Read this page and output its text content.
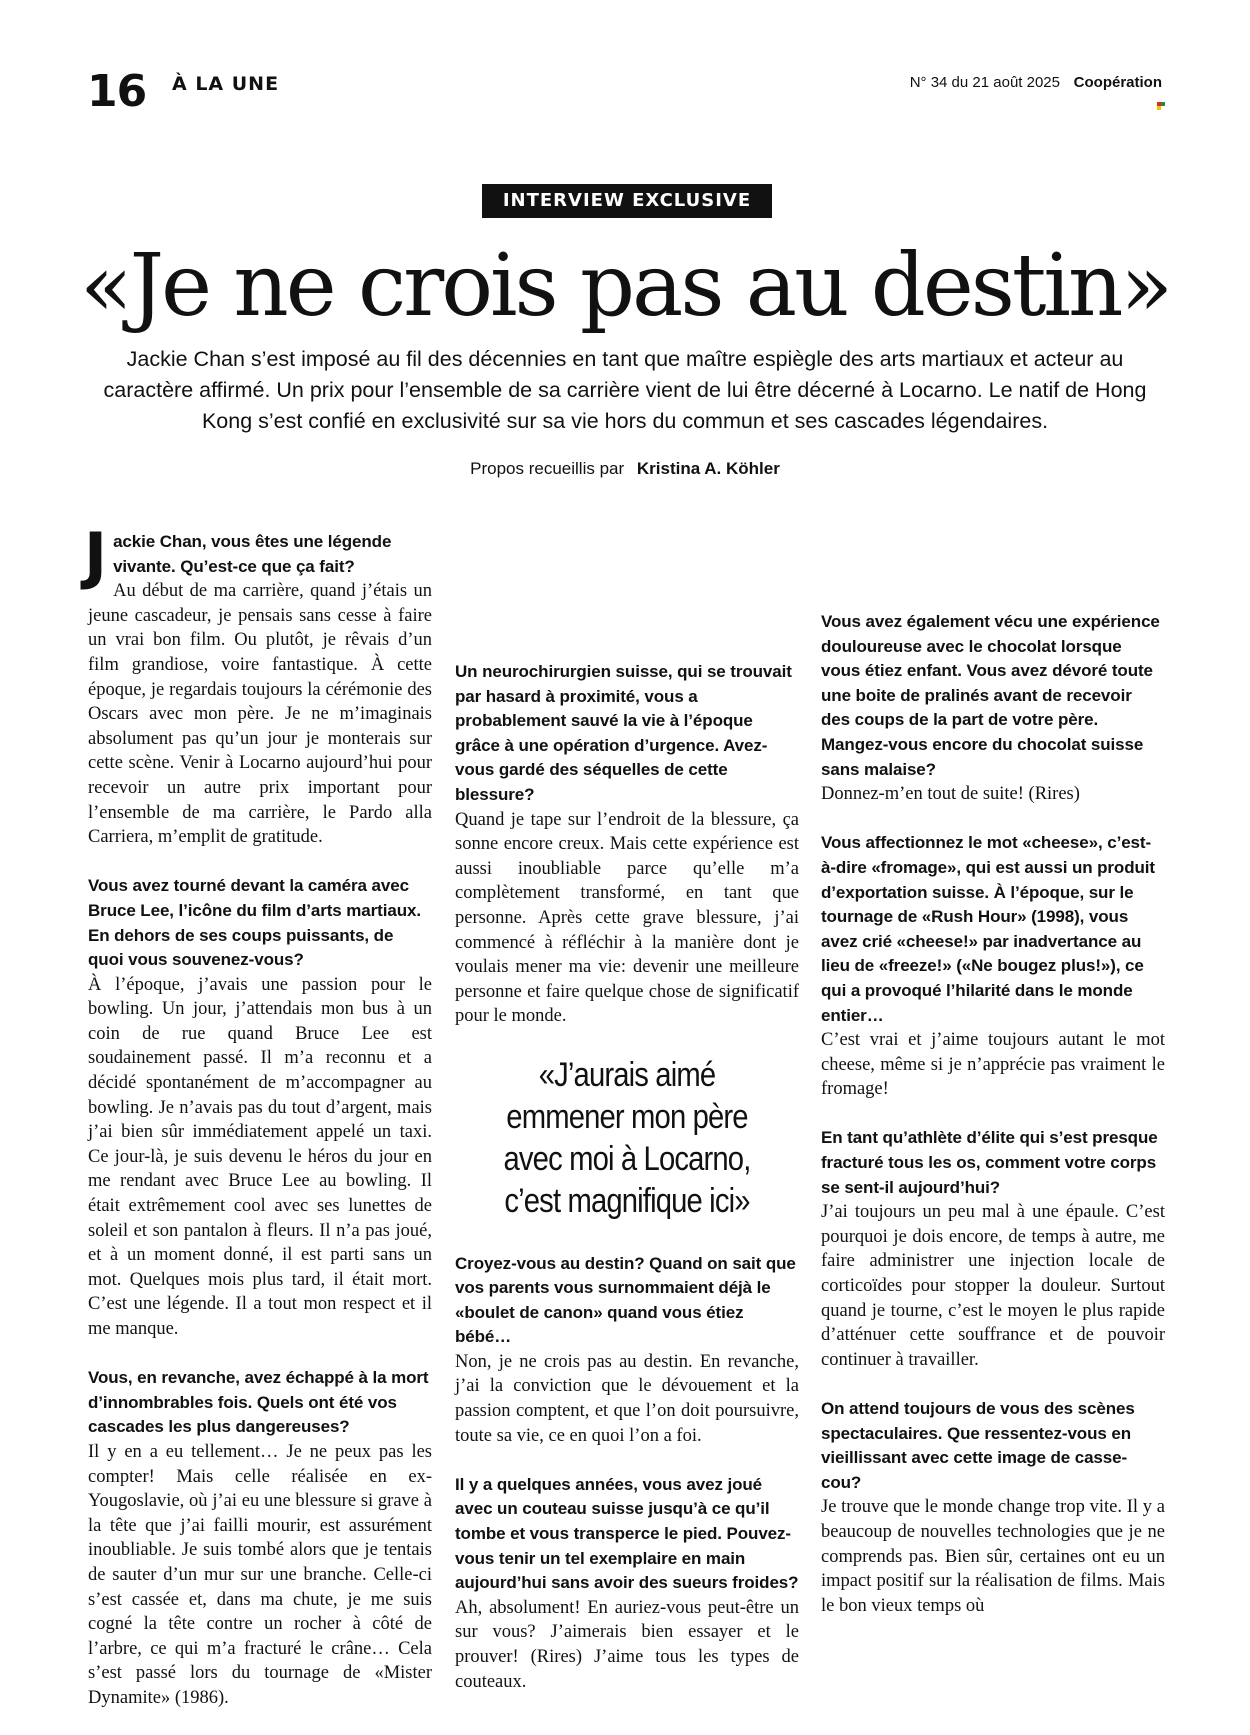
16 À LA UNE	N° 34 du 21 août 2025 Coopération
INTERVIEW EXCLUSIVE
«Je ne crois pas au destin»

Jackie Chan s’est imposé au fil des décennies en tant que maître espiègle des arts martiaux et acteur au caractère affirmé. Un prix pour l’ensemble de sa carrière vient de lui être décerné à Locarno. Le natif de Hong Kong s’est confié en exclusivité sur sa vie hors du commun et ses cascades légendaires.

Propos recueillis par Kristina A. Köhler

J ackie Chan, vous êtes une légende vivante. Qu’est-ce que ça fait?
Au début de ma carrière, quand j’étais un jeune cascadeur, je pensais sans cesse à faire un vrai bon film. Ou plutôt, je rêvais d’un film grandiose, voire fantastique. À cette époque, je regardais toujours la cérémonie des Oscars avec mon père. Je ne m’imaginais absolument pas qu’un jour je monterais sur cette scène. Venir à Locarno aujourd’hui pour recevoir un autre prix important pour l’ensemble de ma carrière, le Pardo alla Carriera, m’emplit de gratitude.

Vous avez tourné devant la caméra avec Bruce Lee, l’icône du film d’arts martiaux. En dehors de ses coups puissants, de quoi vous souvenez-vous?
À l’époque, j’avais une passion pour le bowling. Un jour, j’attendais mon bus à un coin de rue quand Bruce Lee est soudainement passé. Il m’a reconnu et a décidé spontanément de m’accompagner au bowling. Je n’avais pas du tout d’argent, mais j’ai bien sûr immédiatement appelé un taxi. Ce jour-là, je suis devenu le héros du jour en me rendant avec Bruce Lee au bowling. Il était extrêmement cool avec ses lunettes de soleil et son pantalon à fleurs. Il n’a pas joué, et à un moment donné, il est parti sans un mot. Quelques mois plus tard, il était mort. C’est une légende. Il a tout mon respect et il me manque.

Vous, en revanche, avez échappé à la mort d’innombrables fois. Quels ont été vos cascades les plus dangereuses?
Il y en a eu tellement… Je ne peux pas les compter! Mais celle réalisée en ex-Yougoslavie, où j’ai eu une blessure si grave à la tête que j’ai failli mourir, est assurément inoubliable. Je suis tombé alors que je tentais de sauter d’un mur sur une branche. Celle-ci s’est cassée et, dans ma chute, je me suis cogné la tête contre un rocher à côté de l’arbre, ce qui m’a fracturé le crâne… Cela s’est passé lors du tournage de «Mister Dynamite» (1986).

Un neurochirurgien suisse, qui se trouvait par hasard à proximité, vous a probablement sauvé la vie à l’époque grâce à une opération d’urgence. Avez-vous gardé des séquelles de cette blessure?
Quand je tape sur l’endroit de la blessure, ça sonne encore creux. Mais cette expérience est aussi inoubliable parce qu’elle m’a complètement transformé, en tant que personne. Après cette grave blessure, j’ai commencé à réfléchir à la manière dont je voulais mener ma vie: devenir une meilleure personne et faire quelque chose de significatif pour le monde.

«J’aurais aimé emmener mon père avec moi à Locarno, c’est magnifique ici»

Croyez-vous au destin? Quand on sait que vos parents vous surnommaient déjà le «boulet de canon» quand vous étiez bébé…
Non, je ne crois pas au destin. En revanche, j’ai la conviction que le dévouement et la passion comptent, et que l’on doit poursuivre, toute sa vie, ce en quoi l’on a foi.

Il y a quelques années, vous avez joué avec un couteau suisse jusqu’à ce qu’il tombe et vous transperce le pied. Pouvez-vous tenir un tel exemplaire en main aujourd’hui sans avoir des sueurs froides?
Ah, absolument! En auriez-vous peut-être un sur vous? J’aimerais bien essayer et le prouver! (Rires) J’aime tous les types de couteaux.

Vous avez également vécu une expérience douloureuse avec le chocolat lorsque vous étiez enfant. Vous avez dévoré toute une boite de pralinés avant de recevoir des coups de la part de votre père. Mangez-vous encore du chocolat suisse sans malaise?
Donnez-m’en tout de suite! (Rires)

Vous affectionnez le mot «cheese», c’est-à-dire «fromage», qui est aussi un produit d’exportation suisse. À l’époque, sur le tournage de «Rush Hour» (1998), vous avez crié «cheese!» par inadvertance au lieu de «freeze!» («Ne bougez plus!»), ce qui a provoqué l’hilarité dans le monde entier…
C’est vrai et j’aime toujours autant le mot cheese, même si je n’apprécie pas vraiment le fromage!

En tant qu’athlète d’élite qui s’est presque fracturé tous les os, comment votre corps se sent-il aujourd’hui?
J’ai toujours un peu mal à une épaule. C’est pourquoi je dois encore, de temps à autre, me faire administrer une injection locale de corticoïdes pour stopper la douleur. Surtout quand je tourne, c’est le moyen le plus rapide d’atténuer cette souffrance et de pouvoir continuer à travailler.

On attend toujours de vous des scènes spectaculaires. Que ressentez-vous en vieillissant avec cette image de casse-cou?
Je trouve que le monde change trop vite. Il y a beaucoup de nouvelles technologies que je ne comprends pas. Bien sûr, certaines ont eu un impact positif sur la réalisation de films. Mais le bon vieux temps où
